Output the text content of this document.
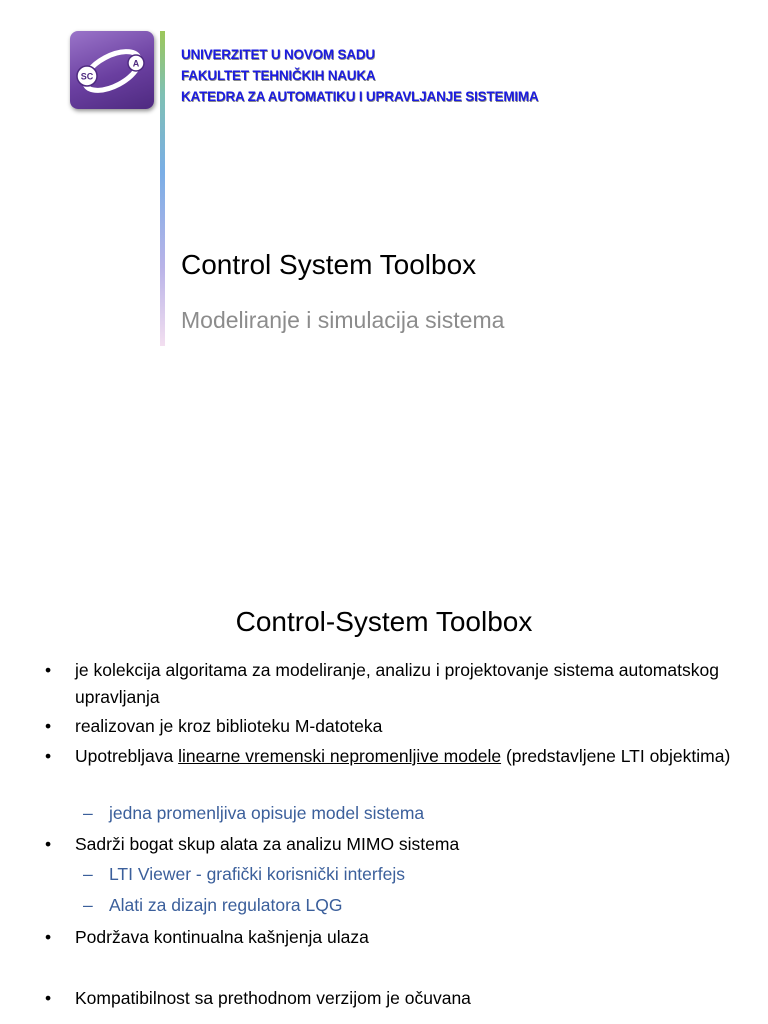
SC
A
UNIVERZITET U NOVOM SADU
FAKULTET TEHNIČKIH NAUKA
KATEDRA ZA AUTOMATIKU I UPRAVLJANJE SISTEMIMA
Control System Toolbox
Modeliranje i simulacija sistema
Control-System Toolbox
• je kolekcija algoritama za modeliranje, analizu i projektovanje sistema automatskog upravljanja
• realizovan je kroz biblioteku M-datoteka
• Upotrebljava linearne vremenski nepromenljive modele (predstavljene LTI objektima)
– jedna promenljiva opisuje model sistema
• Sadrži bogat skup alata za analizu MIMO sistema
– LTI Viewer - grafički korisnički interfejs
– Alati za dizajn regulatora LQG
• Podržava kontinualna kašnjenja ulaza
• Kompatibilnost sa prethodnom verzijom je očuvana
